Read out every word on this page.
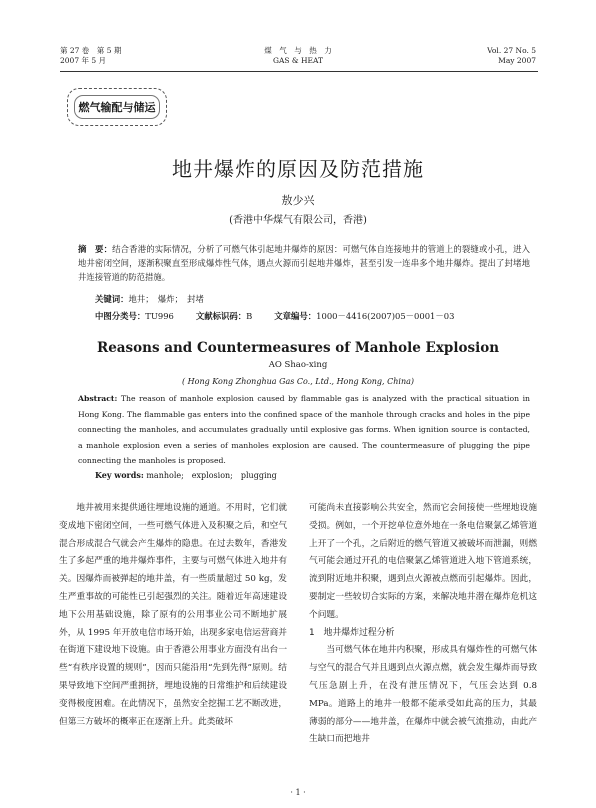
第 27 卷　第 5 期
2007 年 5 月
煤　气　与　热　力
GAS & HEAT
Vol. 27 No. 5
May 2007
燃气输配与储运
地井爆炸的原因及防范措施
敖少兴
(香港中华煤气有限公司，香港)
摘　要：结合香港的实际情况，分析了可燃气体引起地井爆炸的原因：可燃气体自连接地井的管道上的裂缝或小孔，进入地井密闭空间，逐渐积聚直至形成爆炸性气体，遇点火源而引起地井爆炸，甚至引发一连串多个地井爆炸。提出了封堵地井连接管道的防范措施。
关键词：地井；　爆炸；　封堵
中图分类号：TU996	文献标识码：B	文章编号：1000－4416(2007)05－0001－03
Reasons and Countermeasures of Manhole Explosion
AO Shao-xing
( Hong Kong Zhonghua Gas Co., Ltd., Hong Kong, China)
Abstract: The reason of manhole explosion caused by flammable gas is analyzed with the practical situation in Hong Kong. The flammable gas enters into the confined space of the manhole through cracks and holes in the pipe connecting the manholes, and accumulates gradually until explosive gas forms. When ignition source is contacted, a manhole explosion even a series of manholes explosion are caused. The countermeasure of plugging the pipe connecting the manholes is proposed.
Key words: manhole;　explosion;　plugging

地井被用来提供通往埋地设施的通道。不用时，它们就变成地下密闭空间，一些可燃气体进入及积聚之后，和空气混合形成混合气就会产生爆炸的隐患。在过去数年，香港发生了多起严重的地井爆炸事件，主要与可燃气体进入地井有关。因爆炸而被弹起的地井盖，有一些质量超过 50 kg，发生严重事故的可能性已引起强烈的关注。随着近年高速建设地下公用基础设施，除了原有的公用事业公司不断地扩展外，从 1995 年开放电信市场开始，出现多家电信运营商并在街道下建设地下设施。由于香港公用事业方面没有出台一些“有秩序设置的规则”，因而只能沿用“先到先得”原则。结果导致地下空间严重拥挤，埋地设施的日常维护和后续建设变得极度困难。在此情况下，虽然安全挖掘工艺不断改进，但第三方破坏的概率正在逐渐上升。此类破坏

可能尚未直接影响公共安全，然而它会间接使一些埋地设施受损。例如，一个开挖单位意外地在一条电信聚氯乙烯管道上开了一个孔，之后附近的燃气管道又被破坏而泄漏，则燃气可能会通过开孔的电信聚氯乙烯管道进入地下管道系统，流到附近地井积聚，遇到点火源被点燃而引起爆炸。因此，要制定一些较切合实际的方案，来解决地井潜在爆炸危机这个问题。

1　地井爆炸过程分析

当可燃气体在地井内积聚，形成具有爆炸性的可燃气体与空气的混合气并且遇到点火源点燃，就会发生爆炸而导致气压急剧上升，在没有泄压情况下，气压会达到 0.8 MPa。道路上的地井一般都不能承受如此高的压力，其最薄弱的部分——地井盖，在爆炸中就会被气流推动，由此产生缺口而把地井

· 1 ·
